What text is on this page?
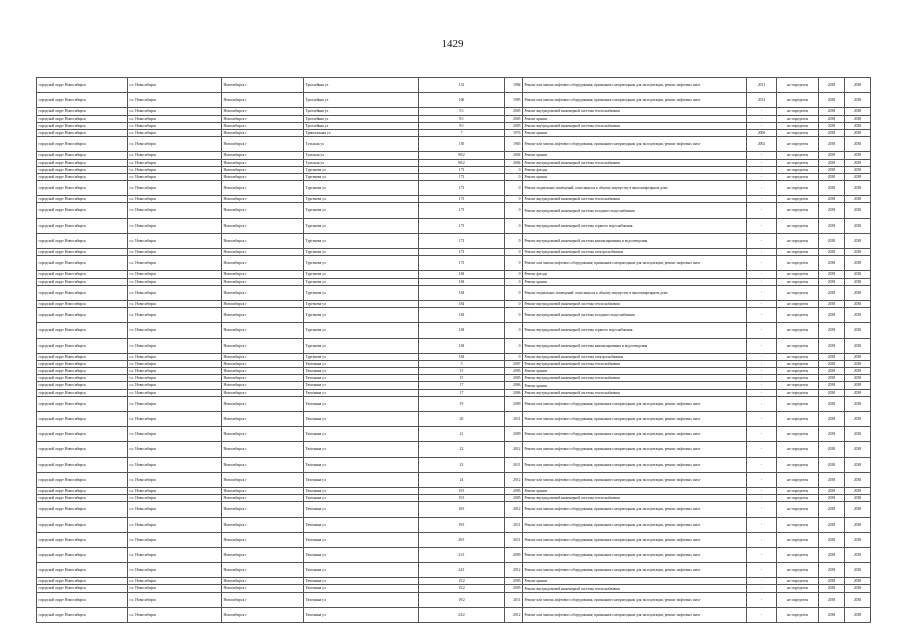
1429
городской округ Новосибирск	г.о. Новосибирск	Новосибирск г	Троллейная ул	152	1984	Ремонт или замена лифтового оборудования, признанного непригодным для эксплуатации, ремонт лифтовых шахт	2013	не определен	2038	2038
городской округ Новосибирск	г.о. Новосибирск	Новосибирск г	Троллейная ул	160	1985	Ремонт или замена лифтового оборудования, признанного непригодным для эксплуатации, ремонт лифтовых шахт	2012	не определен	2038	2038
городской округ Новосибирск	г.о. Новосибирск	Новосибирск г	Троллейная ул	5/1	2005	Ремонт внутридомовой инженерной системы теплоснабжения	-	не определен	2038	2038
городской округ Новосибирск	г.о. Новосибирск	Новосибирск г	Троллейная ул	9/1	2005	Ремонт крыши	-	не определен	2038	2038
городской округ Новосибирск	г.о. Новосибирск	Новосибирск г	Троллейная ул	9/1	2005	Ремонт внутридомовой инженерной системы теплоснабжения	-	не определен	2038	2038
городской округ Новосибирск	г.о. Новосибирск	Новосибирск г	Трикотажная ул	7	1976	Ремонт крыши	2006	не определен	2038	2038
городской округ Новосибирск	г.о. Новосибирск	Новосибирск г	Тульская ул	150	1965	Ремонт или замена лифтового оборудования, признанного непригодным для эксплуатации, ремонт лифтовых шахт	2002	не определен	2038	2038
городской округ Новосибирск	г.о. Новосибирск	Новосибирск г	Тульская ул	90/2	2004	Ремонт крыши	-	не определен	2038	2038
городской округ Новосибирск	г.о. Новосибирск	Новосибирск г	Тульская ул	90/2	2004	Ремонт внутридомовой инженерной системы теплоснабжения	-	не определен	2038	2038
городской округ Новосибирск	г.о. Новосибирск	Новосибирск г	Тургенева ул	173	0	Ремонт фасада	-	не определен	2038	2038
городской округ Новосибирск	г.о. Новосибирск	Новосибирск г	Тургенева ул	173	0	Ремонт крыши	-	не определен	2038	2038
городской округ Новосибирск	г.о. Новосибирск	Новосибирск г	Тургенева ул	173	0	Ремонт подвальных помещений, относящихся к общему имуществу в многоквартирном доме	-	не определен	2038	2038
городской округ Новосибирск	г.о. Новосибирск	Новосибирск г	Тургенева ул	173	0	Ремонт внутридомовой инженерной системы теплоснабжения	-	не определен	2038	2038
городской округ Новосибирск	г.о. Новосибирск	Новосибирск г	Тургенева ул	173	0	Ремонт внутридомовой инженерной системы холодного водоснабжения	-	не определен	2038	2038
городской округ Новосибирск	г.о. Новосибирск	Новосибирск г	Тургенева ул	173	0	Ремонт внутридомовой инженерной системы горячего водоснабжения	-	не определен	2038	2038
городской округ Новосибирск	г.о. Новосибирск	Новосибирск г	Тургенева ул	173	0	Ремонт внутридомовой инженерной системы канализирования и водоотведения	-	не определен	2038	2038
городской округ Новосибирск	г.о. Новосибирск	Новосибирск г	Тургенева ул	173	0	Ремонт внутридомовой инженерной системы электроснабжения	-	не определен	2038	2038
городской округ Новосибирск	г.о. Новосибирск	Новосибирск г	Тургенева ул	173	0	Ремонт или замена лифтового оборудования, признанного непригодным для эксплуатации, ремонт лифтовых шахт	-	не определен	2038	2038
городской округ Новосибирск	г.о. Новосибирск	Новосибирск г	Тургенева ул	184	0	Ремонт фасада	-	не определен	2038	2038
городской округ Новосибирск	г.о. Новосибирск	Новосибирск г	Тургенева ул	184	0	Ремонт крыши	-	не определен	2038	2038
городской округ Новосибирск	г.о. Новосибирск	Новосибирск г	Тургенева ул	184	0	Ремонт подвальных помещений, относящихся к общему имуществу в многоквартирном доме	-	не определен	2038	2038
городской округ Новосибирск	г.о. Новосибирск	Новосибирск г	Тургенева ул	184	0	Ремонт внутридомовой инженерной системы теплоснабжения	-	не определен	2038	2038
городской округ Новосибирск	г.о. Новосибирск	Новосибирск г	Тургенева ул	184	0	Ремонт внутридомовой инженерной системы холодного водоснабжения	-	не определен	2038	2038
городской округ Новосибирск	г.о. Новосибирск	Новосибирск г	Тургенева ул	184	0	Ремонт внутридомовой инженерной системы горячего водоснабжения	-	не определен	2038	2038
городской округ Новосибирск	г.о. Новосибирск	Новосибирск г	Тургенева ул	184	0	Ремонт внутридомовой инженерной системы канализирования и водоотведения	-	не определен	2038	2038
городской округ Новосибирск	г.о. Новосибирск	Новосибирск г	Тургенева ул	184	0	Ремонт внутридомовой инженерной системы электроснабжения	-	не определен	2038	2038
городской округ Новосибирск	г.о. Новосибирск	Новосибирск г	Тюленина ул	5	2007	Ремонт внутридомовой инженерной системы теплоснабжения	-	не определен	2038	2038
городской округ Новосибирск	г.о. Новосибирск	Новосибирск г	Тюленина ул	15	2005	Ремонт крыши	-	не определен	2038	2038
городской округ Новосибирск	г.о. Новосибирск	Новосибирск г	Тюленина ул	15	2005	Ремонт внутридомовой инженерной системы теплоснабжения	-	не определен	2038	2038
городской округ Новосибирск	г.о. Новосибирск	Новосибирск г	Тюленина ул	17	2006	Ремонт крыши	-	не определен	2038	2038
городской округ Новосибирск	г.о. Новосибирск	Новосибирск г	Тюленина ул	17	2006	Ремонт внутридомовой инженерной системы теплоснабжения	-	не определен	2038	2038
городской округ Новосибирск	г.о. Новосибирск	Новосибирск г	Тюленина ул	19	2009	Ремонт или замена лифтового оборудования, признанного непригодным для эксплуатации, ремонт лифтовых шахт	-	не определен	2038	2038
городской округ Новосибирск	г.о. Новосибирск	Новосибирск г	Тюленина ул	20	2011	Ремонт или замена лифтового оборудования, признанного непригодным для эксплуатации, ремонт лифтовых шахт	-	не определен	2038	2038
городской округ Новосибирск	г.о. Новосибирск	Новосибирск г	Тюленина ул	21	2009	Ремонт или замена лифтового оборудования, признанного непригодным для эксплуатации, ремонт лифтовых шахт	-	не определен	2038	2038
городской округ Новосибирск	г.о. Новосибирск	Новосибирск г	Тюленина ул	22	2012	Ремонт или замена лифтового оборудования, признанного непригодным для эксплуатации, ремонт лифтовых шахт	-	не определен	2038	2038
городской округ Новосибирск	г.о. Новосибирск	Новосибирск г	Тюленина ул	23	2011	Ремонт или замена лифтового оборудования, признанного непригодным для эксплуатации, ремонт лифтовых шахт	-	не определен	2038	2038
городской округ Новосибирск	г.о. Новосибирск	Новосибирск г	Тюленина ул	24	2012	Ремонт или замена лифтового оборудования, признанного непригодным для эксплуатации, ремонт лифтовых шахт	-	не определен	2038	2038
городской округ Новосибирск	г.о. Новосибирск	Новосибирск г	Тюленина ул	15/1	2005	Ремонт крыши	-	не определен	2038	2038
городской округ Новосибирск	г.о. Новосибирск	Новосибирск г	Тюленина ул	15/1	2005	Ремонт внутридомовой инженерной системы теплоснабжения	-	не определен	2038	2038
городской округ Новосибирск	г.о. Новосибирск	Новосибирск г	Тюленина ул	16/1	2012	Ремонт или замена лифтового оборудования, признанного непригодным для эксплуатации, ремонт лифтовых шахт	-	не определен	2038	2038
городской округ Новосибирск	г.о. Новосибирск	Новосибирск г	Тюленина ул	19/1	2011	Ремонт или замена лифтового оборудования, признанного непригодным для эксплуатации, ремонт лифтовых шахт	-	не определен	2038	2038
городской округ Новосибирск	г.о. Новосибирск	Новосибирск г	Тюленина ул	20/1	2011	Ремонт или замена лифтового оборудования, признанного непригодным для эксплуатации, ремонт лифтовых шахт	-	не определен	2038	2038
городской округ Новосибирск	г.о. Новосибирск	Новосибирск г	Тюленина ул	21/1	2009	Ремонт или замена лифтового оборудования, признанного непригодным для эксплуатации, ремонт лифтовых шахт	-	не определен	2038	2038
городской округ Новосибирск	г.о. Новосибирск	Новосибирск г	Тюленина ул	24/1	2012	Ремонт или замена лифтового оборудования, признанного непригодным для эксплуатации, ремонт лифтовых шахт	-	не определен	2038	2038
городской округ Новосибирск	г.о. Новосибирск	Новосибирск г	Тюленина ул	15/2	2005	Ремонт крыши	-	не определен	2038	2038
городской округ Новосибирск	г.о. Новосибирск	Новосибирск г	Тюленина ул	15/2	2005	Ремонт внутридомовой инженерной системы теплоснабжения	-	не определен	2038	2038
городской округ Новосибирск	г.о. Новосибирск	Новосибирск г	Тюленина ул	19/2	2011	Ремонт или замена лифтового оборудования, признанного непригодным для эксплуатации, ремонт лифтовых шахт	-	не определен	2038	2038
городской округ Новосибирск	г.о. Новосибирск	Новосибирск г	Тюленина ул	24/2	2012	Ремонт или замена лифтового оборудования, признанного непригодным для эксплуатации, ремонт лифтовых шахт	-	не определен	2038	2038
